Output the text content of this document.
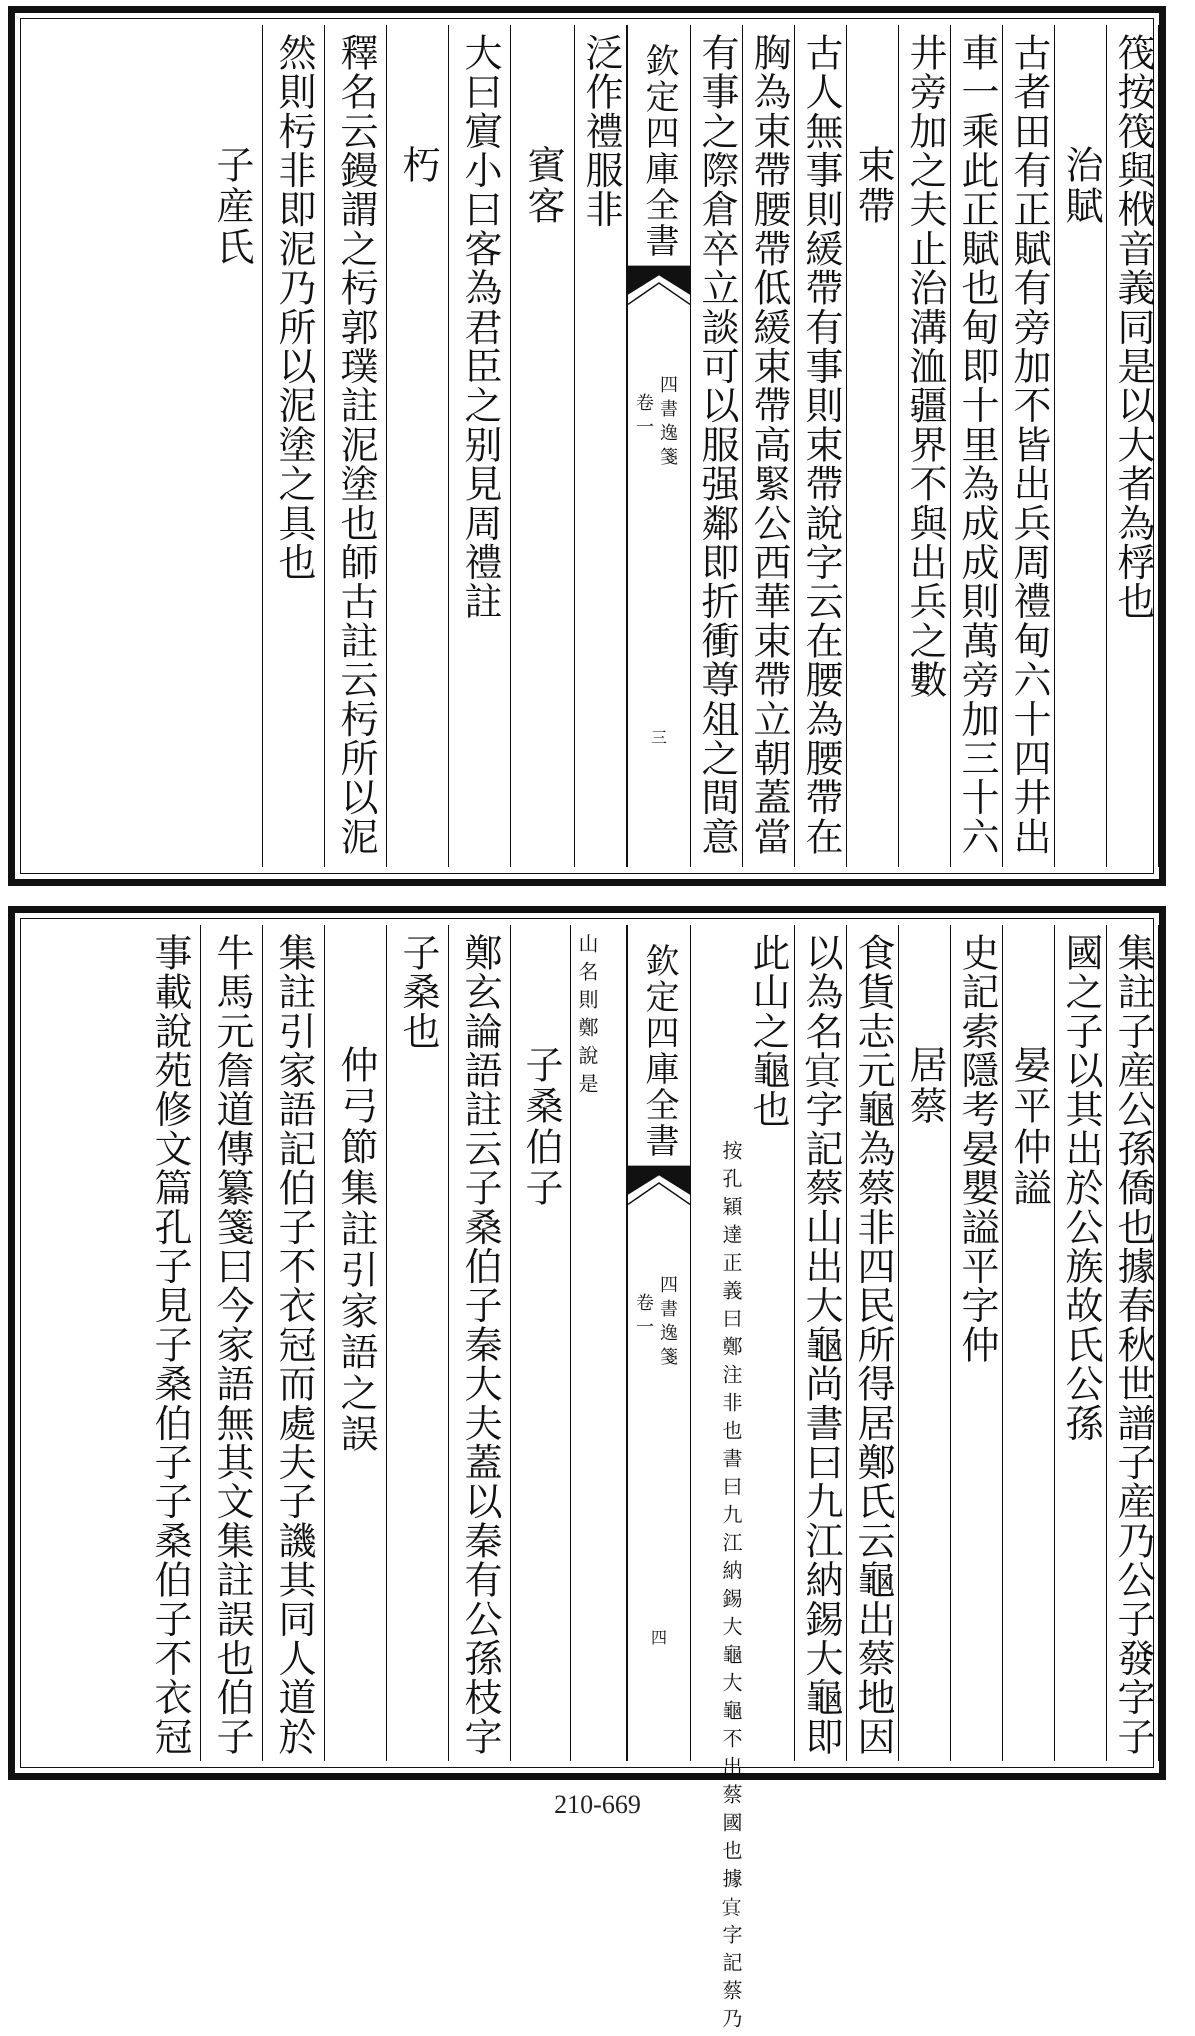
筏按筏與栰音義同是以大者為桴也
治賦
古者田有正賦有旁加不皆出兵周禮甸六十四井出
車一乘此正賦也甸即十里為成成則萬旁加三十六
井旁加之夫止治溝洫疆界不與出兵之數
束帶
古人無事則緩帶有事則束帶說字云在腰為腰帶在
胸為束帶腰帶低緩束帶高緊公西華束帶立朝蓋當
有事之際倉卒立談可以服强鄰即折衝尊俎之間意
欽定四庫全書
四書逸箋
卷一
三
泛作禮服非
賓客
大曰賔小曰客為君臣之别見周禮註
朽
釋名云鏝謂之杇郭璞註泥塗也師古註云杇所以泥
然則杇非即泥乃所以泥塗之具也
子産氏
集註子産公孫僑也據春秋世譜子産乃公子發字子
國之子以其出於公族故氏公孫
晏平仲謚
史記索隱考晏嬰謚平字仲
居蔡
食貨志元龜為蔡非四民所得居鄭氏云龜出蔡地因
以為名𡨋字記蔡山出大龜尚書曰九江納錫大龜即
此山之龜也
按孔穎達正義曰鄭注非也書曰九江納錫大龜大龜不出蔡國也據𡨋字記蔡乃
欽定四庫全書
四書逸箋
卷一
四
山名則鄭說是
子桑伯子
鄭玄論語註云子桑伯子秦大夫蓋以秦有公孫枝字
子桑也
仲弓節集註引家語之誤
集註引家語記伯子不衣冠而處夫子譏其同人道於
牛馬元詹道傳纂箋曰今家語無其文集註誤也伯子
事載說苑修文篇孔子見子桑伯子子桑伯子不衣冠
210-669
